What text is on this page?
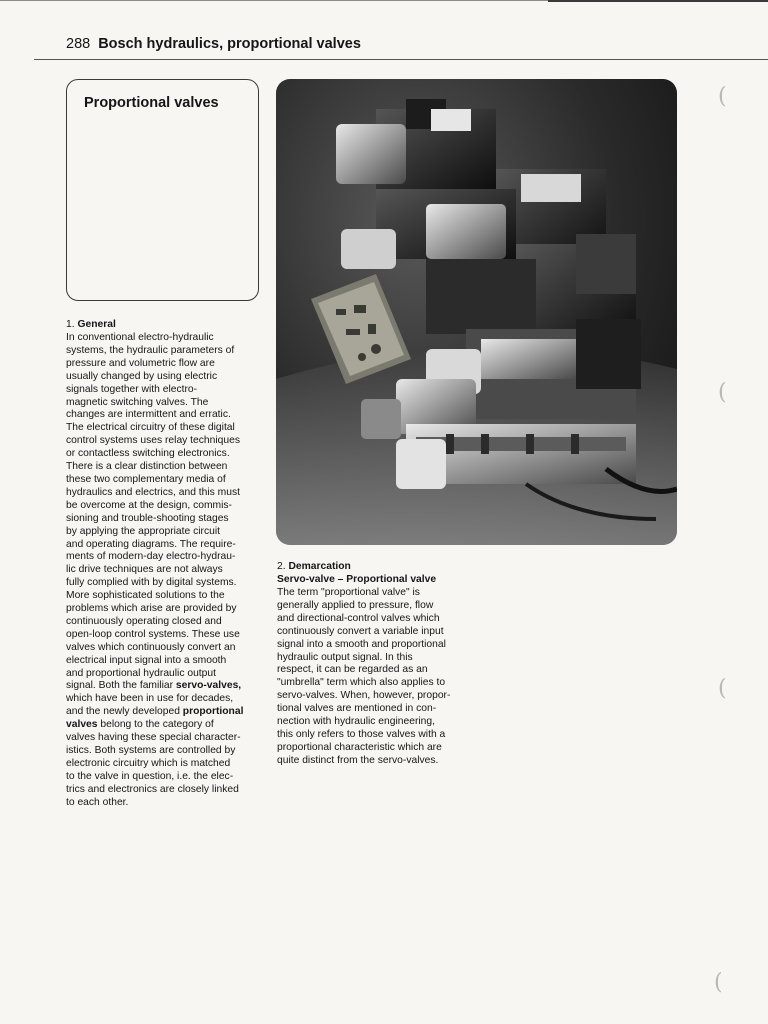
288 Bosch hydraulics, proportional valves
Proportional valves
1. General
In conventional electro-hydraulic
systems, the hydraulic parameters of
pressure and volumetric flow are
usually changed by using electric
signals together with electro-
magnetic switching valves. The
changes are intermittent and erratic.
The electrical circuitry of these digital
control systems uses relay techniques
or contactless switching electronics.
There is a clear distinction between
these two complementary media of
hydraulics and electrics, and this must
be overcome at the design, commis-
sioning and trouble-shooting stages
by applying the appropriate circuit
and operating diagrams. The require-
ments of modern-day electro-hydrau-
lic drive techniques are not always
fully complied with by digital systems.
More sophisticated solutions to the
problems which arise are provided by
continuously operating closed and
open-loop control systems. These use
valves which continuously convert an
electrical input signal into a smooth
and proportional hydraulic output
signal. Both the familiar servo-valves,
which have been in use for decades,
and the newly developed proportional
valves belong to the category of
valves having these special character-
istics. Both systems are controlled by
electronic circuitry which is matched
to the valve in question, i.e. the elec-
trics and electronics are closely linked
to each other.
2. Demarcation
Servo-valve – Proportional valve
The term "proportional valve" is
generally applied to pressure, flow
and directional-control valves which
continuously convert a variable input
signal into a smooth and proportional
hydraulic output signal. In this
respect, it can be regarded as an
"umbrella" term which also applies to
servo-valves. When, however, propor-
tional valves are mentioned in con-
nection with hydraulic engineering,
this only refers to those valves with a
proportional characteristic which are
quite distinct from the servo-valves.
(
(
(
(
